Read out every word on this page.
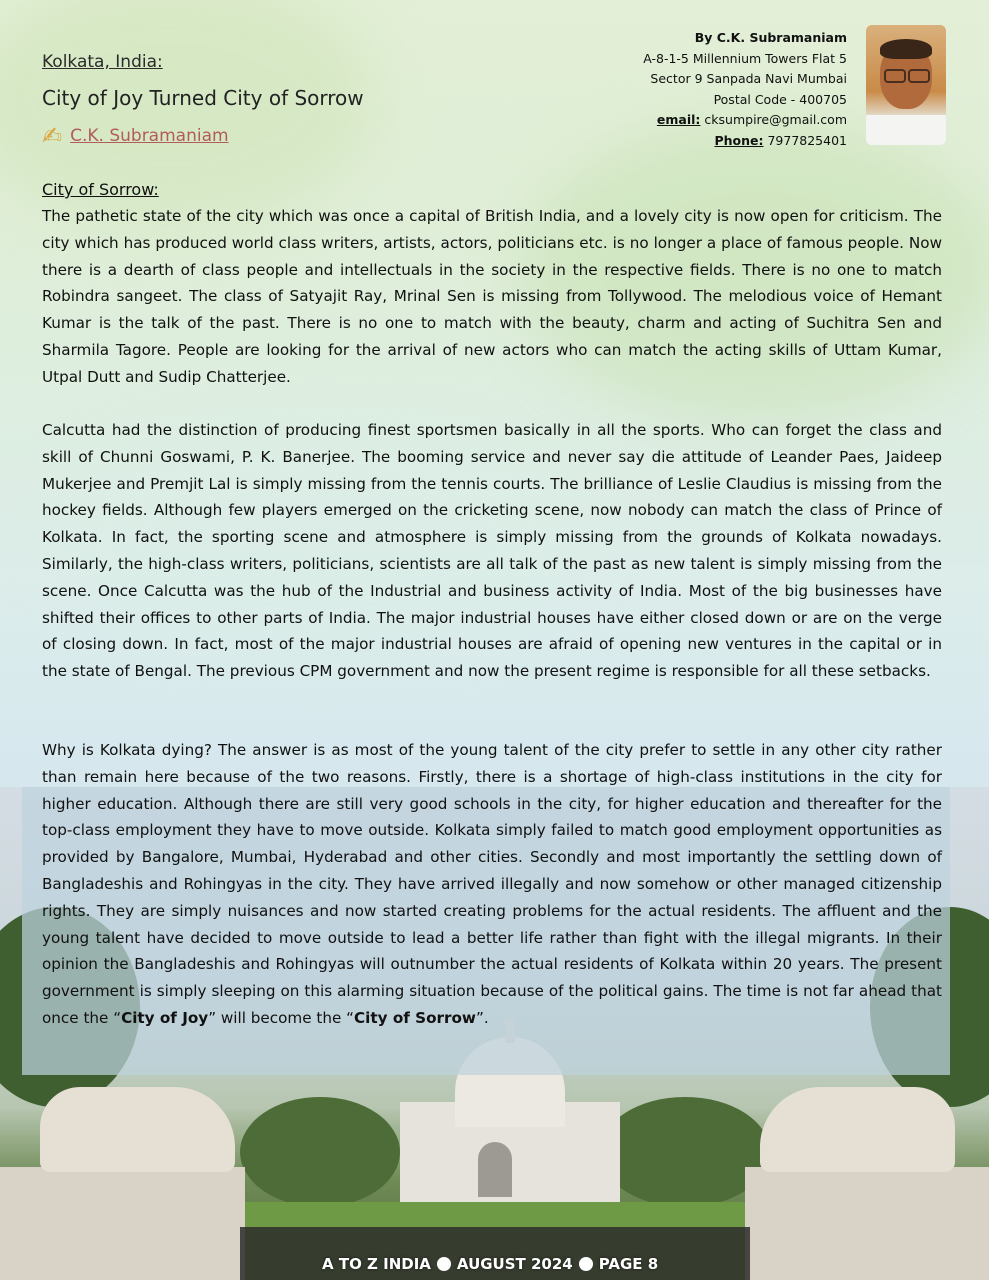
Kolkata, India:
City of Joy Turned City of Sorrow
✍ C.K. Subramaniam
By C.K. Subramaniam
A-8-1-5 Millennium Towers Flat 5
Sector 9 Sanpada Navi Mumbai
Postal Code - 400705
email: cksumpire@gmail.com
Phone: 7977825401
City of Sorrow:

The pathetic state of the city which was once a capital of British India, and a lovely city is now open for criticism. The city which has produced world class writers, artists, actors, politicians etc. is no longer a place of famous people. Now there is a dearth of class people and intellectuals in the society in the respective fields. There is no one to match Robindra sangeet. The class of Satyajit Ray, Mrinal Sen is missing from Tollywood. The melodious voice of Hemant Kumar is the talk of the past. There is no one to match with the beauty, charm and acting of Suchitra Sen and Sharmila Tagore. People are looking for the arrival of new actors who can match the acting skills of Uttam Kumar, Utpal Dutt and Sudip Chatterjee.

Calcutta had the distinction of producing finest sportsmen basically in all the sports. Who can forget the class and skill of Chunni Goswami, P. K. Banerjee. The booming service and never say die attitude of Leander Paes, Jaideep Mukerjee and Premjit Lal is simply missing from the tennis courts. The brilliance of Leslie Claudius is missing from the hockey fields. Although few players emerged on the cricketing scene, now nobody can match the class of Prince of Kolkata. In fact, the sporting scene and atmosphere is simply missing from the grounds of Kolkata nowadays. Similarly, the high-class writers, politicians, scientists are all talk of the past as new talent is simply missing from the scene. Once Calcutta was the hub of the Industrial and business activity of India. Most of the big businesses have shifted their offices to other parts of India. The major industrial houses have either closed down or are on the verge of closing down. In fact, most of the major industrial houses are afraid of opening new ventures in the capital or in the state of Bengal. The previous CPM government and now the present regime is responsible for all these setbacks.

Why is Kolkata dying? The answer is as most of the young talent of the city prefer to settle in any other city rather than remain here because of the two reasons. Firstly, there is a shortage of high-class institutions in the city for higher education. Although there are still very good schools in the city, for higher education and thereafter for the top-class employment they have to move outside. Kolkata simply failed to match good employment opportunities as provided by Bangalore, Mumbai, Hyderabad and other cities. Secondly and most importantly the settling down of Bangladeshis and Rohingyas in the city. They have arrived illegally and now somehow or other managed citizenship rights. They are simply nuisances and now started creating problems for the actual residents. The affluent and the young talent have decided to move outside to lead a better life rather than fight with the illegal migrants. In their opinion the Bangladeshis and Rohingyas will outnumber the actual residents of Kolkata within 20 years. The present government is simply sleeping on this alarming situation because of the political gains. The time is not far ahead that once the “City of Joy” will become the “City of Sorrow”.

A TO Z INDIA AUGUST 2024 PAGE 8
